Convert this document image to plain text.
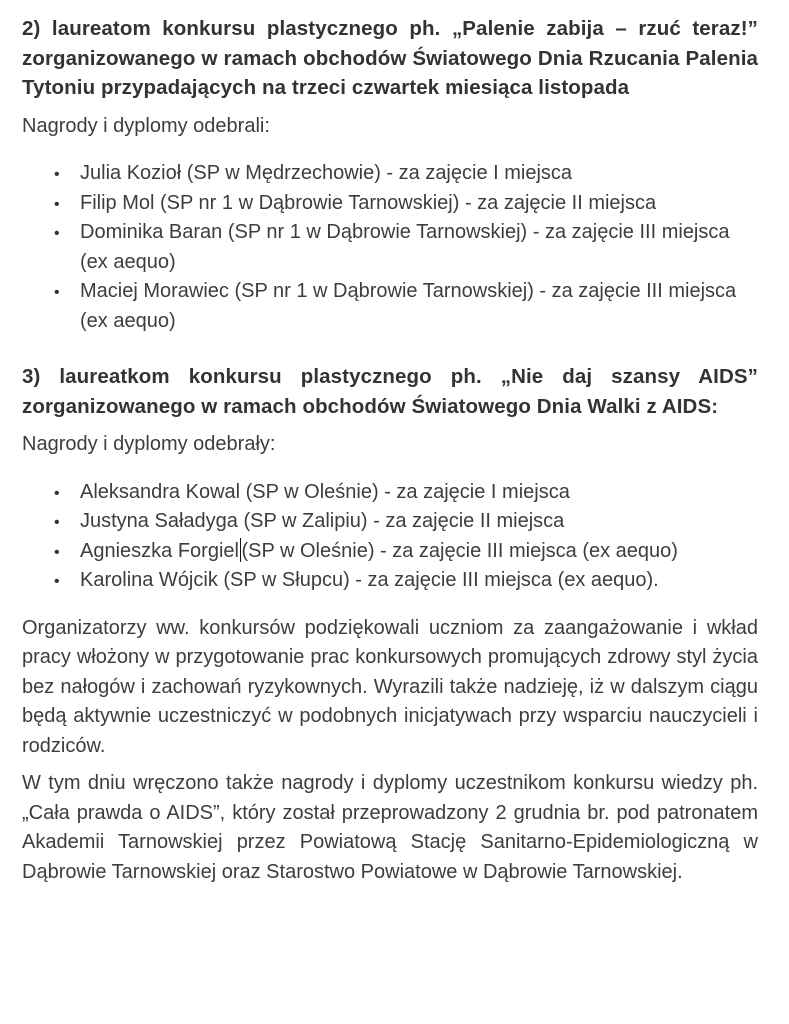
2) laureatom konkursu plastycznego ph. „Palenie zabija – rzuć teraz!” zorganizowanego w ramach obchodów Światowego Dnia Rzucania Palenia Tytoniu przypadających na trzeci czwartek miesiąca listopada

Nagrody i dyplomy odebrali:

• Julia Kozioł (SP w Mędrzechowie) - za zajęcie I miejsca
• Filip Mol (SP nr 1 w Dąbrowie Tarnowskiej) - za zajęcie II miejsca
• Dominika Baran (SP nr 1 w Dąbrowie Tarnowskiej) - za zajęcie III miejsca (ex aequo)
• Maciej Morawiec (SP nr 1 w Dąbrowie Tarnowskiej) - za zajęcie III miejsca (ex aequo)

3) laureatkom konkursu plastycznego ph. „Nie daj szansy AIDS” zorganizowanego w ramach obchodów Światowego Dnia Walki z AIDS:

Nagrody i dyplomy odebrały:

• Aleksandra Kowal (SP w Oleśnie) - za zajęcie I miejsca
• Justyna Saładyga (SP w Zalipiu) - za zajęcie II miejsca
• Agnieszka Forgiel (SP w Oleśnie) - za zajęcie III miejsca (ex aequo)
• Karolina Wójcik (SP w Słupcu) - za zajęcie III miejsca (ex aequo).

Organizatorzy ww. konkursów podziękowali uczniom za zaangażowanie i wkład pracy włożony w przygotowanie prac konkursowych promujących zdrowy styl życia bez nałogów i zachowań ryzykownych. Wyrazili także nadzieję, iż w dalszym ciągu będą aktywnie uczestniczyć w podobnych inicjatywach przy wsparciu nauczycieli i rodziców.

W tym dniu wręczono także nagrody i dyplomy uczestnikom konkursu wiedzy ph. „Cała prawda o AIDS”, który został przeprowadzony 2 grudnia br. pod patronatem Akademii Tarnowskiej przez Powiatową Stację Sanitarno-Epidemiologiczną w Dąbrowie Tarnowskiej oraz Starostwo Powiatowe w Dąbrowie Tarnowskiej.
